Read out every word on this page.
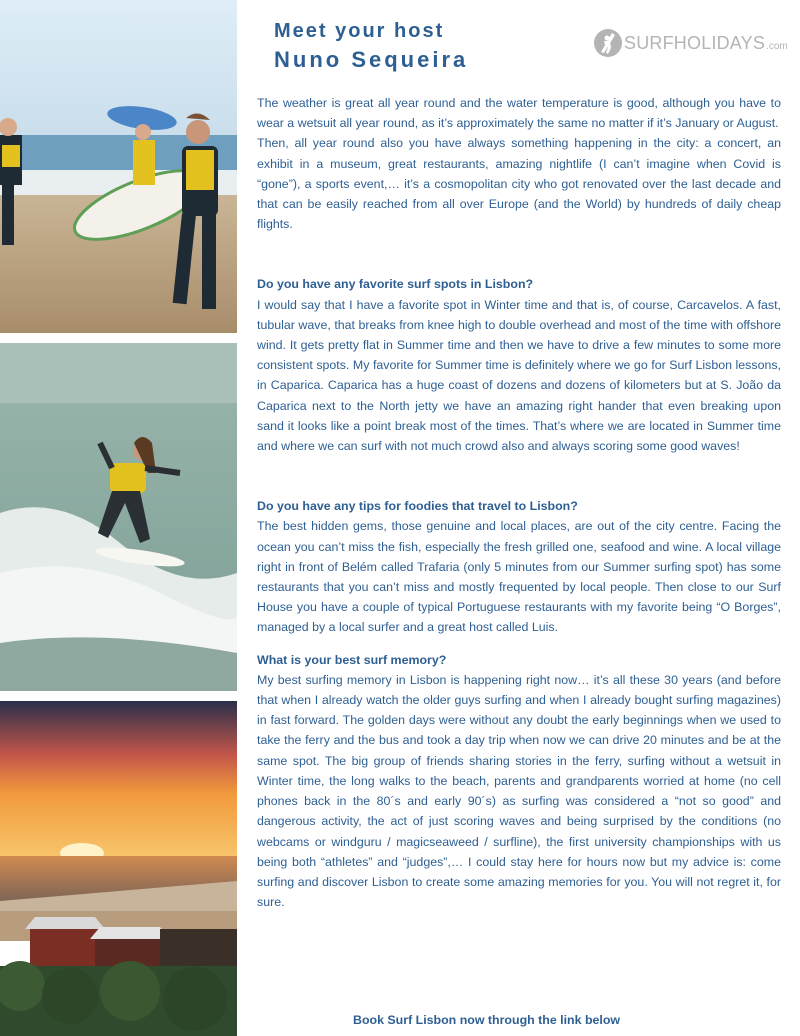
Meet your host
Nuno Sequeira
SURFHOLIDAYS .com

The weather is great all year round and the water temperature is good, although you have to wear a wetsuit all year round, as it’s approximately the same no matter if it’s January or August.

Then, all year round also you have always something happening in the city: a concert, an exhibit in a museum, great restaurants, amazing nightlife (I can’t imagine when Covid is “gone”), a sports event,… it’s a cosmopolitan city who got renovated over the last decade and that can be easily reached from all over Europe (and the World) by hundreds of daily cheap flights.

Do you have any favorite surf spots in Lisbon?

I would say that I have a favorite spot in Winter time and that is, of course, Carcavelos. A fast, tubular wave, that breaks from knee high to double overhead and most of the time with offshore wind. It gets pretty flat in Summer time and then we have to drive a few minutes to some more consistent spots. My favorite for Summer time is definitely where we go for Surf Lisbon lessons, in Caparica. Caparica has a huge coast of dozens and dozens of kilometers but at S. João da Caparica next to the North jetty we have an amazing right hander that even breaking upon sand it looks like a point break most of the times. That’s where we are located in Summer time and where we can surf with not much crowd also and always scoring some good waves!

Do you have any tips for foodies that travel to Lisbon?

The best hidden gems, those genuine and local places, are out of the city centre. Facing the ocean you can’t miss the fish, especially the fresh grilled one, seafood and wine. A local village right in front of Belém called Trafaria (only 5 minutes from our Summer surfing spot) has some restaurants that you can’t miss and mostly frequented by local people. Then close to our Surf House you have a couple of typical Portuguese restaurants with my favorite being “O Borges”, managed by a local surfer and a great host called Luis.

What is your best surf memory?

My best surfing memory in Lisbon is happening right now… it’s all these 30 years (and before that when I already watch the older guys surfing and when I already bought surfing magazines) in fast forward. The golden days were without any doubt the early beginnings when we used to take the ferry and the bus and took a day trip when now we can drive 20 minutes and be at the same spot. The big group of friends sharing stories in the ferry, surfing without a wetsuit in Winter time, the long walks to the beach, parents and grandparents worried at home (no cell phones back in the 80´s and early 90´s) as surfing was considered a “not so good” and dangerous activity, the act of just scoring waves and being surprised by the conditions (no webcams or windguru / magicseaweed / surfline), the first university championships with us being both “athletes” and “judges”,… I could stay here for hours now but my advice is: come surfing and discover Lisbon to create some amazing memories for you. You will not regret it, for sure.

Book Surf Lisbon now through the link below
